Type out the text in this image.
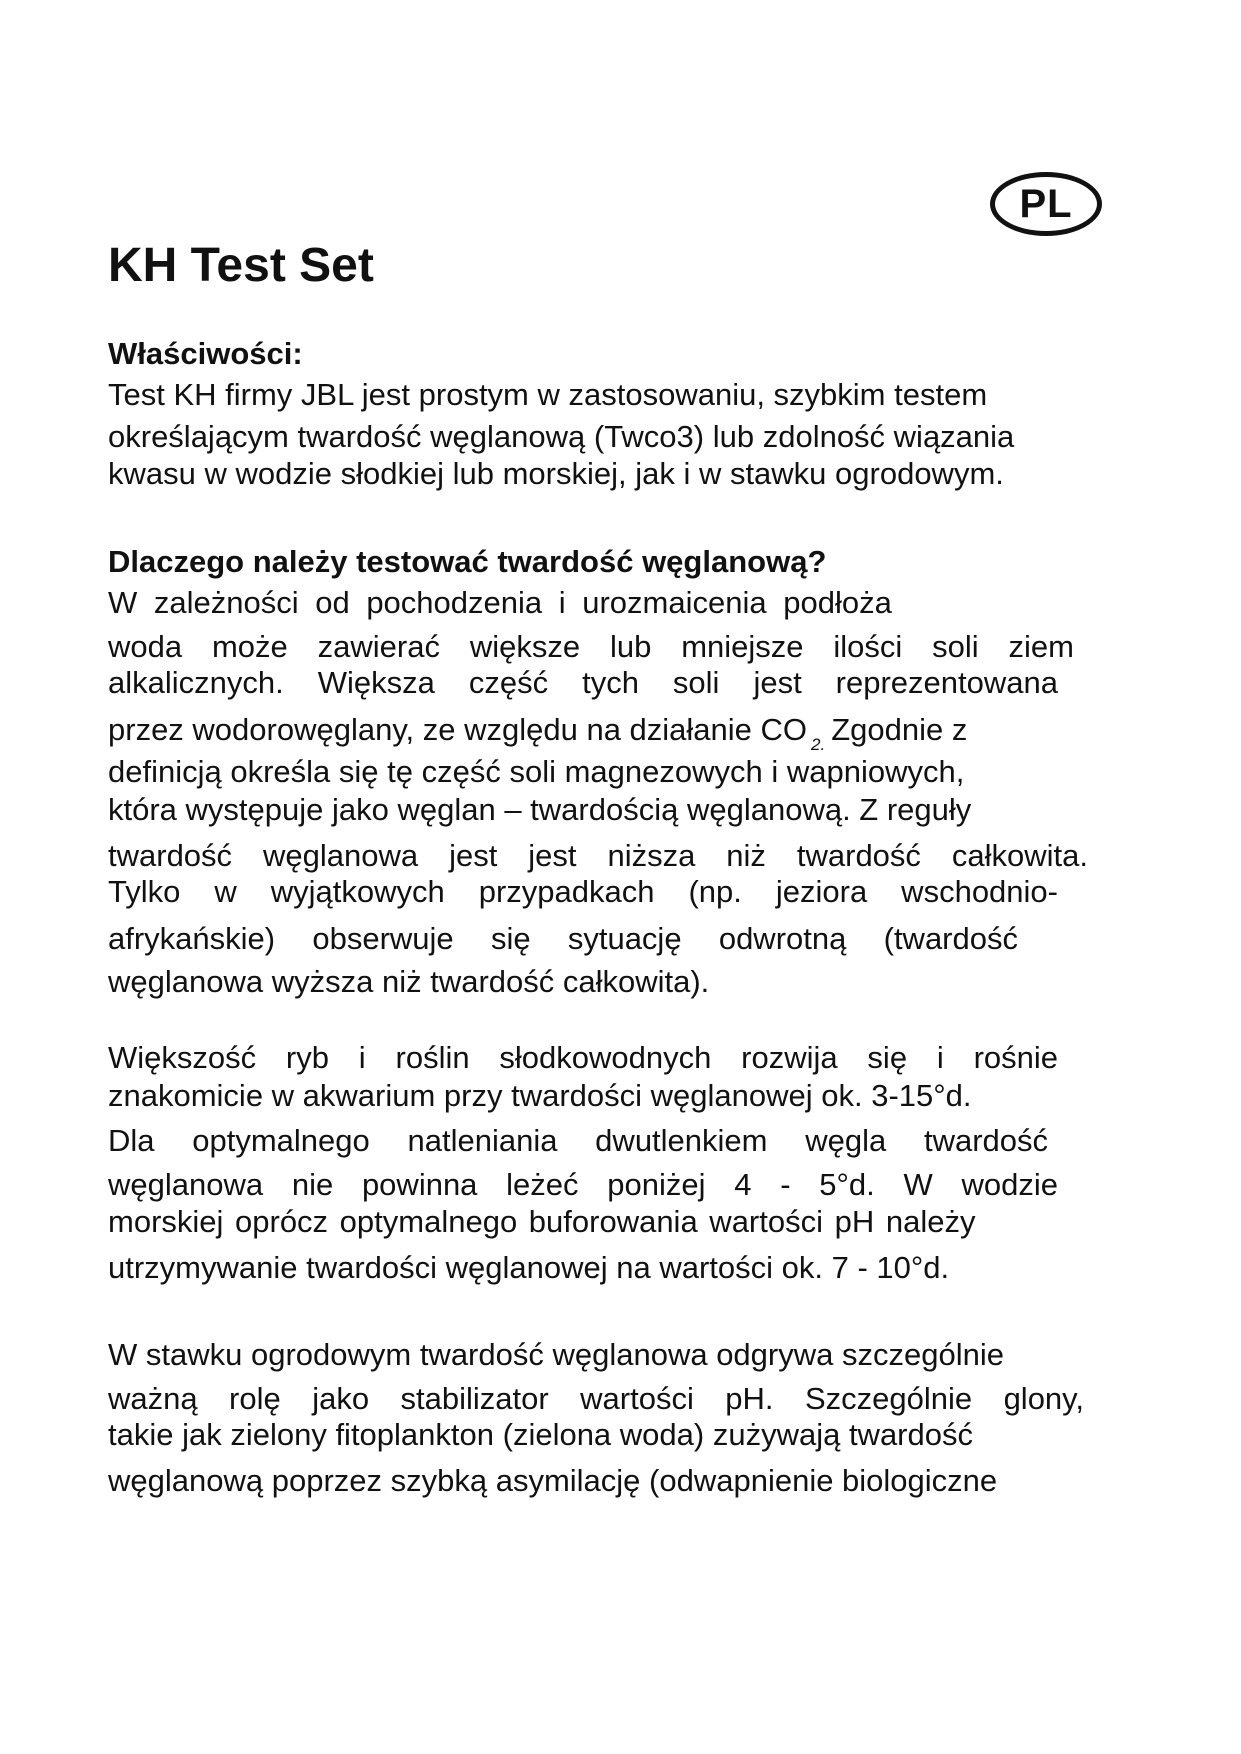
PL
KH Test Set
Właściwości:

Test KH firmy JBL jest prostym w zastosowaniu, szybkim testem

określającym twardość węglanową (Twco3) lub zdolność wiązania

kwasu w wodzie słodkiej lub morskiej, jak i w stawku ogrodowym.

Dlaczego należy testować twardość węglanową?

W zależności od pochodzenia i urozmaicenia podłoża

woda może zawierać większe lub mniejsze ilości soli ziem

alkalicznych. Większa część tych soli jest reprezentowana

przez wodorowęglany, ze względu na działanie CO 2. Zgodnie z

definicją określa się tę część soli magnezowych i wapniowych,

która występuje jako węglan – twardością węglanową. Z reguły

twardość węglanowa jest jest niższa niż twardość całkowita.

Tylko w wyjątkowych przypadkach (np. jeziora wschodnio-

afrykańskie) obserwuje się sytuację odwrotną (twardość

węglanowa wyższa niż twardość całkowita).

Większość ryb i roślin słodkowodnych rozwija się i rośnie

znakomicie w akwarium przy twardości węglanowej ok. 3-15°d.

Dla optymalnego natleniania dwutlenkiem węgla twardość

węglanowa nie powinna leżeć poniżej 4 - 5°d. W wodzie

morskiej oprócz optymalnego buforowania wartości pH należy

utrzymywanie twardości węglanowej na wartości ok. 7 - 10°d.

W stawku ogrodowym twardość węglanowa odgrywa szczególnie

ważną rolę jako stabilizator wartości pH. Szczególnie glony,

takie jak zielony fitoplankton (zielona woda) zużywają twardość

węglanową poprzez szybką asymilację (odwapnienie biologiczne
